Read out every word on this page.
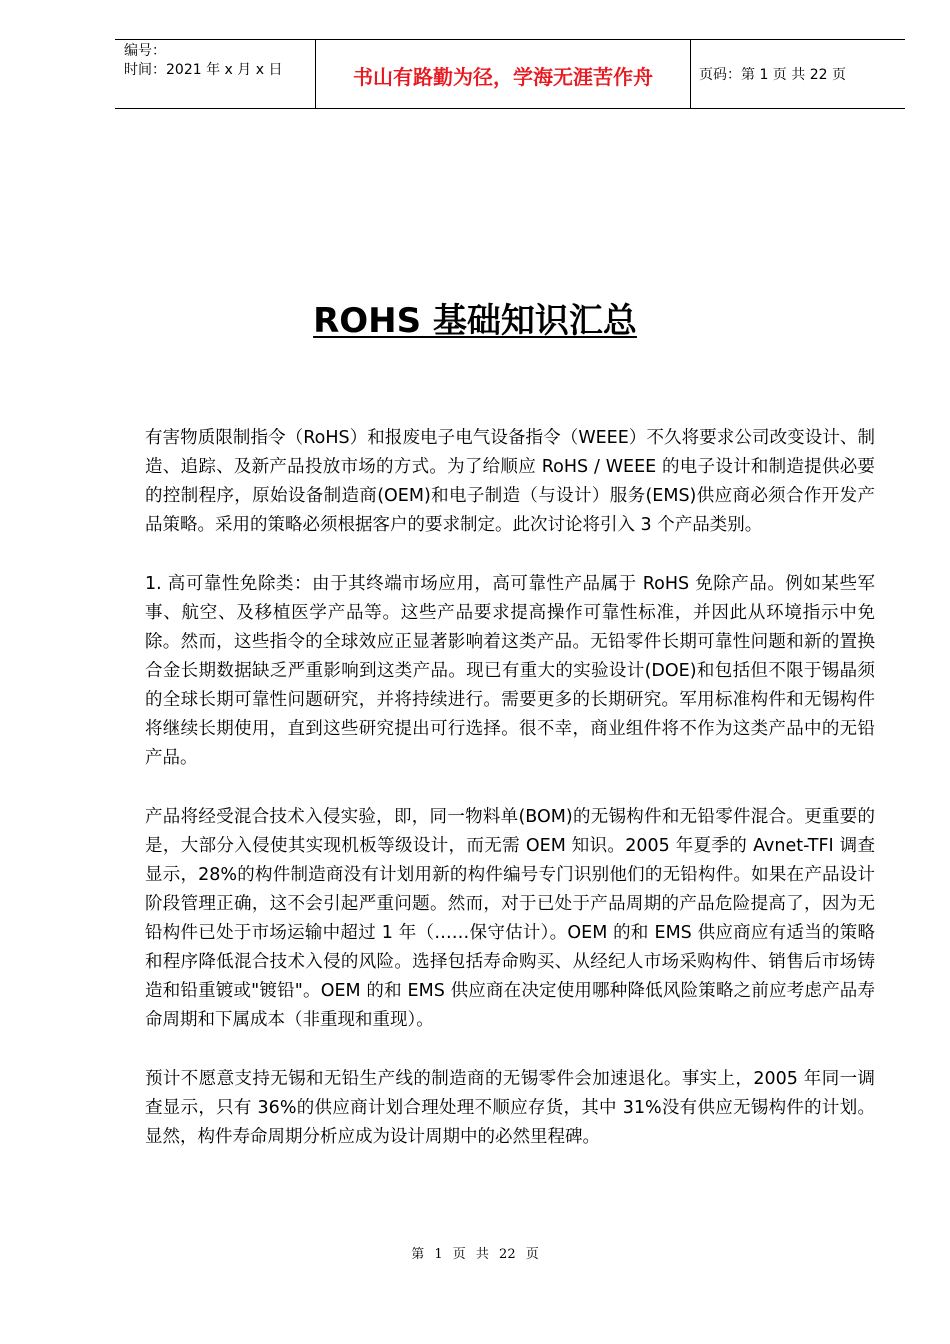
编号：
时间：2021 年 x 月 x 日	书山有路勤为径，学海无涯苦作舟	页码：第 1 页 共 22 页
ROHS 基础知识汇总

有害物质限制指令（RoHS）和报废电子电气设备指令（WEEE）不久将要求公司改变设计、制造、追踪、及新产品投放市场的方式。为了给顺应 RoHS / WEEE 的电子设计和制造提供必要的控制程序，原始设备制造商(OEM)和电子制造（与设计）服务(EMS)供应商必须合作开发产品策略。采用的策略必须根据客户的要求制定。此次讨论将引入 3 个产品类别。

1. 高可靠性免除类：由于其终端市场应用，高可靠性产品属于 RoHS 免除产品。例如某些军事、航空、及移植医学产品等。这些产品要求提高操作可靠性标准，并因此从环境指示中免除。然而，这些指令的全球效应正显著影响着这类产品。无铅零件长期可靠性问题和新的置换合金长期数据缺乏严重影响到这类产品。现已有重大的实验设计(DOE)和包括但不限于锡晶须的全球长期可靠性问题研究，并将持续进行。需要更多的长期研究。军用标准构件和无锡构件将继续长期使用，直到这些研究提出可行选择。很不幸，商业组件将不作为这类产品中的无铅产品。

产品将经受混合技术入侵实验，即，同一物料单(BOM)的无锡构件和无铅零件混合。更重要的是，大部分入侵使其实现机板等级设计，而无需 OEM 知识。2005 年夏季的 Avnet-TFI 调查显示，28%的构件制造商没有计划用新的构件编号专门识别他们的无铅构件。如果在产品设计阶段管理正确，这不会引起严重问题。然而，对于已处于产品周期的产品危险提高了，因为无铅构件已处于市场运输中超过 1 年（……保守估计）。OEM 的和 EMS 供应商应有适当的策略和程序降低混合技术入侵的风险。选择包括寿命购买、从经纪人市场采购构件、销售后市场铸造和铅重镀或"镀铅"。OEM 的和 EMS 供应商在决定使用哪种降低风险策略之前应考虑产品寿命周期和下属成本（非重现和重现）。

预计不愿意支持无锡和无铅生产线的制造商的无锡零件会加速退化。事实上，2005 年同一调查显示，只有 36%的供应商计划合理处理不顺应存货，其中 31%没有供应无锡构件的计划。显然，构件寿命周期分析应成为设计周期中的必然里程碑。

第 1 页 共 22 页
